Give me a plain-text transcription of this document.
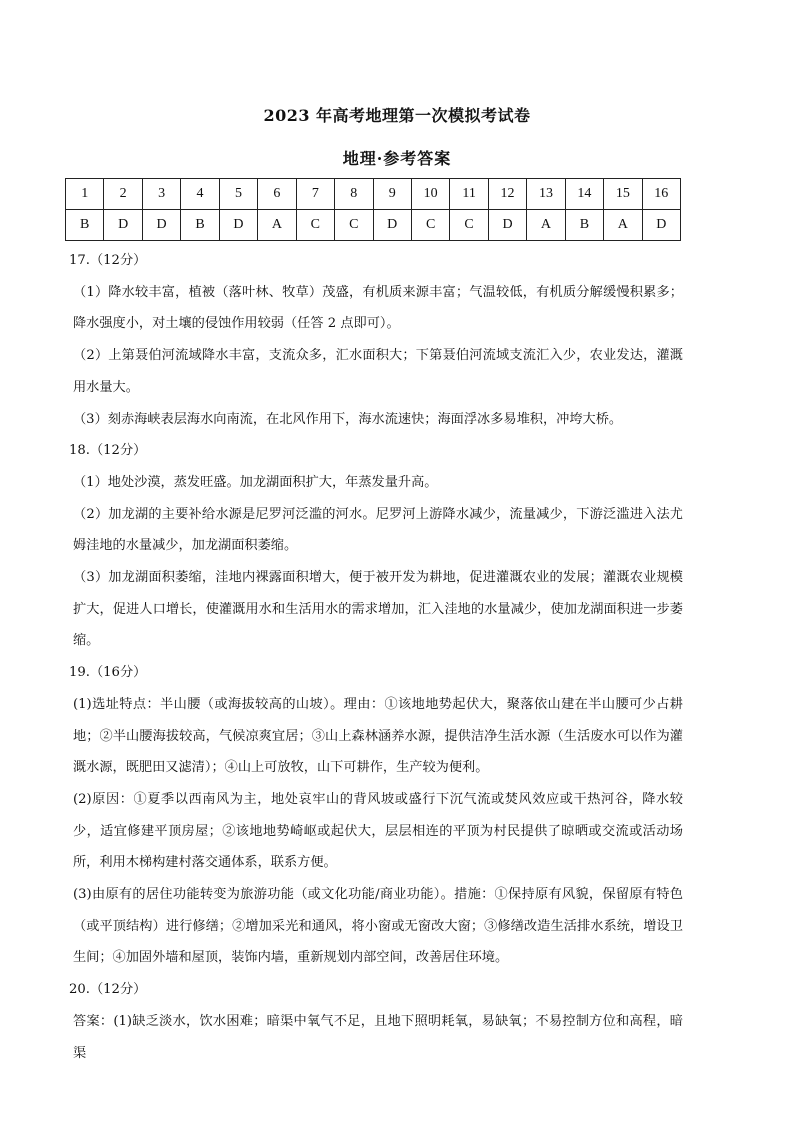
2023 年高考地理第一次模拟考试卷
地理·参考答案
1	2	3	4	5	6	7	8	9	10	11	12	13	14	15	16
B	D	D	B	D	A	C	C	D	C	C	D	A	B	A	D

17.（12分）

（1）降水较丰富，植被（落叶林、牧草）茂盛，有机质来源丰富；气温较低，有机质分解缓慢积累多；降水强度小，对土壤的侵蚀作用较弱（任答 2 点即可）。

（2）上第聂伯河流域降水丰富，支流众多，汇水面积大；下第聂伯河流域支流汇入少，农业发达，灌溉用水量大。

（3）刻赤海峡表层海水向南流，在北风作用下，海水流速快；海面浮冰多易堆积，冲垮大桥。

18.（12分）

（1）地处沙漠，蒸发旺盛。加龙湖面积扩大，年蒸发量升高。

（2）加龙湖的主要补给水源是尼罗河泛滥的河水。尼罗河上游降水减少，流量减少，下游泛滥进入法尤姆洼地的水量减少，加龙湖面积萎缩。

（3）加龙湖面积萎缩，洼地内裸露面积增大，便于被开发为耕地，促进灌溉农业的发展；灌溉农业规模扩大，促进人口增长，使灌溉用水和生活用水的需求增加，汇入洼地的水量减少，使加龙湖面积进一步萎缩。

19.（16分）

(1)选址特点：半山腰（或海拔较高的山坡）。理由：①该地地势起伏大，聚落依山建在半山腰可少占耕地；②半山腰海拔较高，气候凉爽宜居；③山上森林涵养水源，提供洁净生活水源（生活废水可以作为灌溉水源，既肥田又滤清）；④山上可放牧，山下可耕作，生产较为便利。

(2)原因：①夏季以西南风为主，地处哀牢山的背风坡或盛行下沉气流或焚风效应或干热河谷，降水较少，适宜修建平顶房屋；②该地地势崎岖或起伏大，层层相连的平顶为村民提供了晾晒或交流或活动场所，利用木梯构建村落交通体系，联系方便。

(3)由原有的居住功能转变为旅游功能（或文化功能/商业功能）。措施：①保持原有风貌，保留原有特色（或平顶结构）进行修缮；②增加采光和通风，将小窗或无窗改大窗；③修缮改造生活排水系统，增设卫生间；④加固外墙和屋顶，装饰内墙，重新规划内部空间，改善居住环境。

20.（12分）

答案：(1)缺乏淡水，饮水困难；暗渠中氧气不足，且地下照明耗氧，易缺氧；不易控制方位和高程，暗渠
